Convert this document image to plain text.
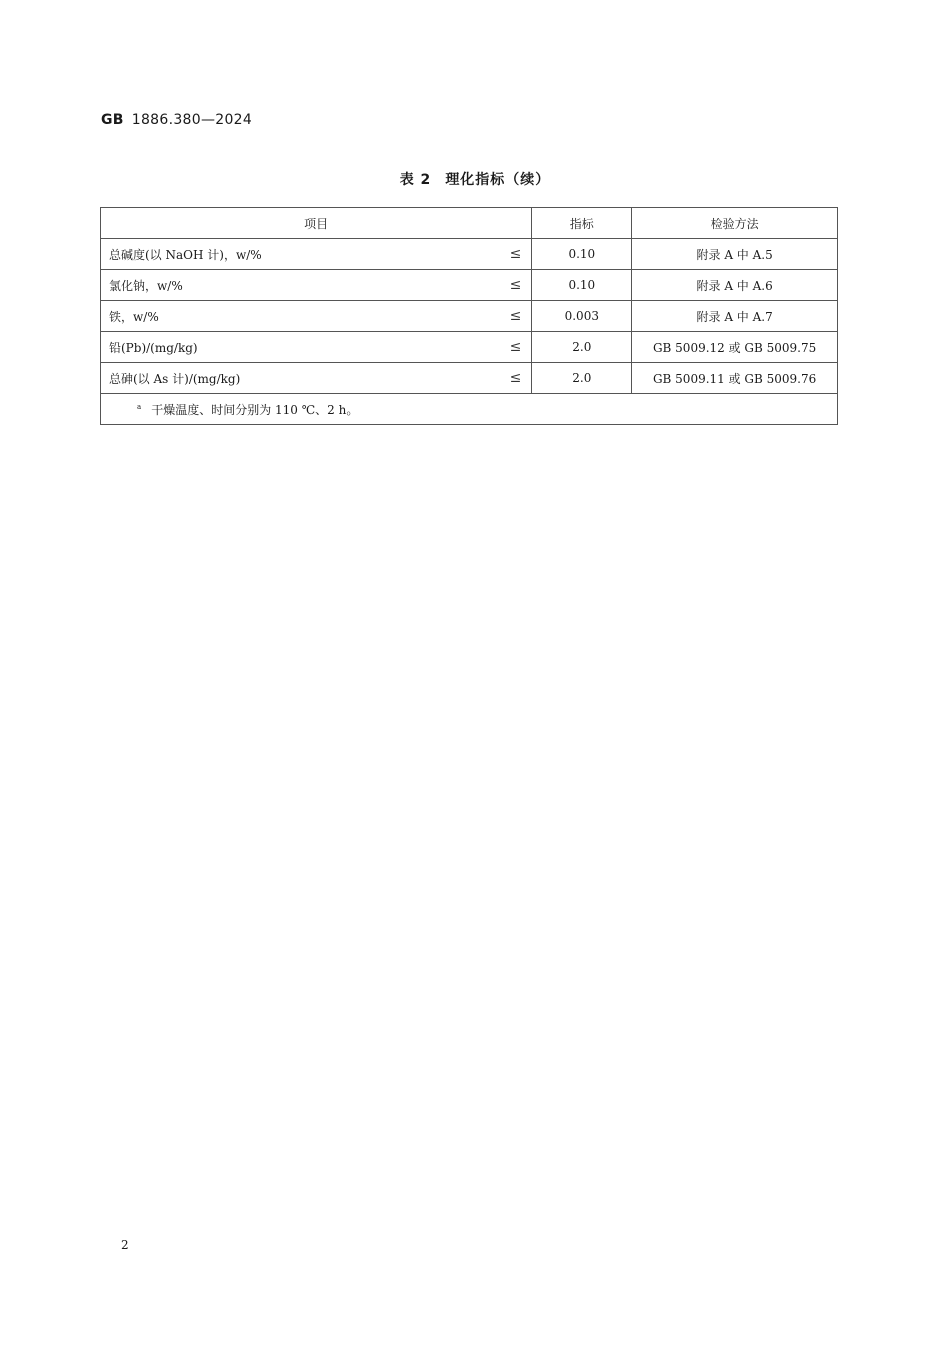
GB 1886.380—2024
表 2 理化指标（续）
项目	指标	检验方法
总碱度(以 NaOH 计)，w/% ≤	0.10	附录 A 中 A.5
氯化钠，w/% ≤	0.10	附录 A 中 A.6
铁，w/% ≤	0.003	附录 A 中 A.7
铅(Pb)/(mg/kg) ≤	2.0	GB 5009.12 或 GB 5009.75
总砷(以 As 计)/(mg/kg) ≤	2.0	GB 5009.11 或 GB 5009.76
$^a$ 干燥温度、时间分别为 110 ℃、2 h。		
2
